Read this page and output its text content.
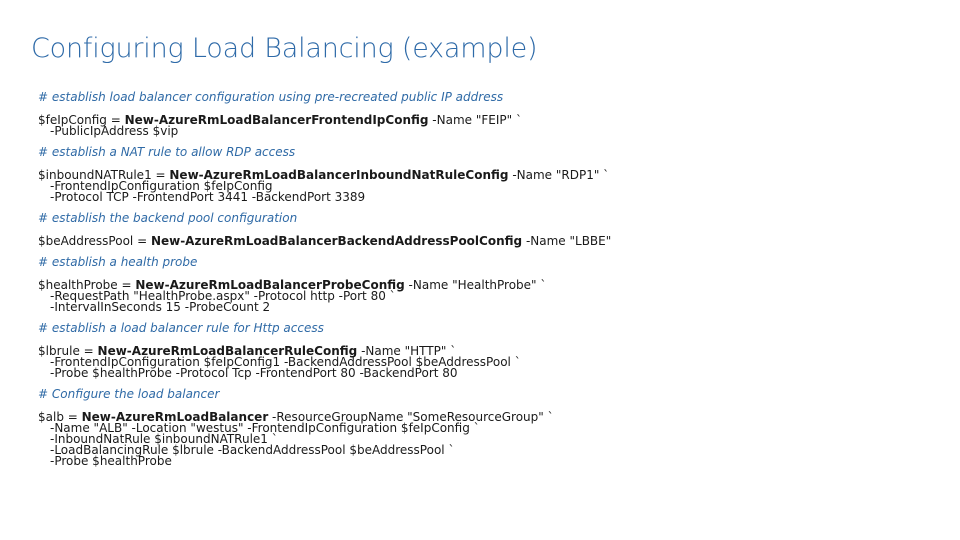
Configuring Load Balancing (example)
# establish load balancer configuration using pre-recreated public IP address
$feIpConfig = New-AzureRmLoadBalancerFrontendIpConfig -Name "FEIP" `
-PublicIpAddress $vip
# establish a NAT rule to allow RDP access
$inboundNATRule1 = New-AzureRmLoadBalancerInboundNatRuleConfig -Name "RDP1" `
-FrontendIpConfiguration $feIpConfig
-Protocol TCP -FrontendPort 3441 -BackendPort 3389
# establish the backend pool configuration
$beAddressPool = New-AzureRmLoadBalancerBackendAddressPoolConfig -Name "LBBE"
# establish a health probe
$healthProbe = New-AzureRmLoadBalancerProbeConfig -Name "HealthProbe" `
-RequestPath "HealthProbe.aspx" -Protocol http -Port 80 `
-IntervalInSeconds 15 -ProbeCount 2
# establish a load balancer rule for Http access
$lbrule = New-AzureRmLoadBalancerRuleConfig -Name "HTTP" `
-FrontendIpConfiguration $feIpConfig1 -BackendAddressPool $beAddressPool `
-Probe $healthProbe -Protocol Tcp -FrontendPort 80 -BackendPort 80
# Configure the load balancer
$alb = New-AzureRmLoadBalancer -ResourceGroupName "SomeResourceGroup" `
-Name "ALB" -Location "westus" -FrontendIpConfiguration $feIpConfig `
-InboundNatRule $inboundNATRule1 `
-LoadBalancingRule $lbrule -BackendAddressPool $beAddressPool `
-Probe $healthProbe
